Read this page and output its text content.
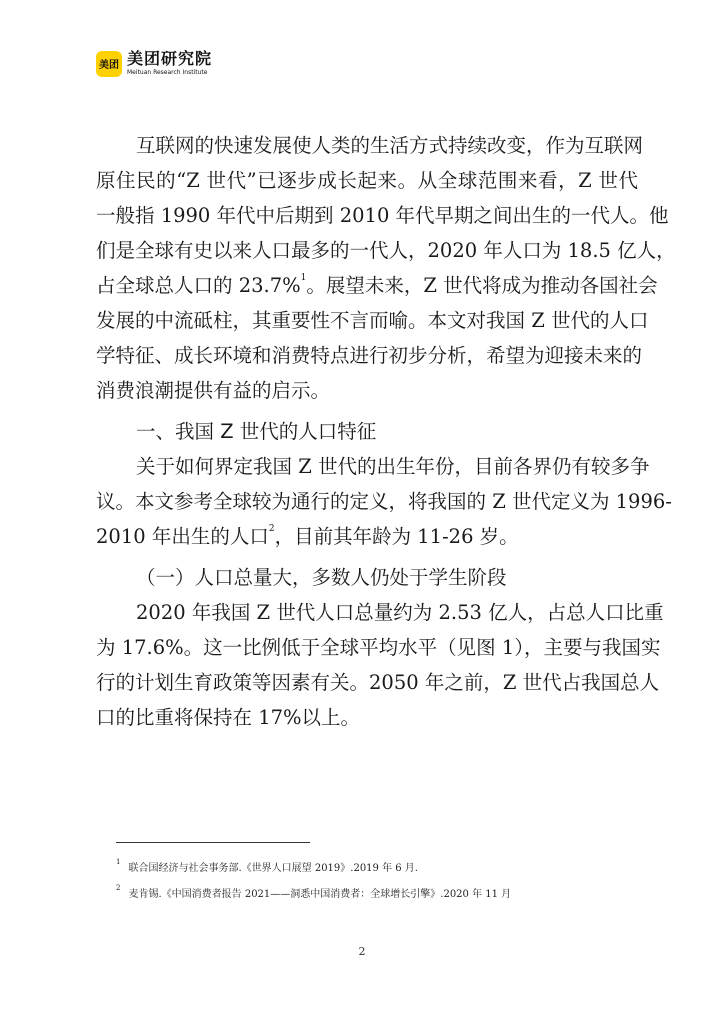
美团 美团研究院
Meituan Research Institute
互联网的快速发展使人类的生活方式持续改变，作为互联网
原住民的“Z 世代”已逐步成长起来。从全球范围来看，Z 世代
一般指 1990 年代中后期到 2010 年代早期之间出生的一代人。他
们是全球有史以来人口最多的一代人，2020 年人口为 18.5 亿人，
占全球总人口的 23.7%$^1$。展望未来，Z 世代将成为推动各国社会
发展的中流砥柱，其重要性不言而喻。本文对我国 Z 世代的人口
学特征、成长环境和消费特点进行初步分析，希望为迎接未来的
消费浪潮提供有益的启示。
一、我国 Z 世代的人口特征
关于如何界定我国 Z 世代的出生年份，目前各界仍有较多争
议。本文参考全球较为通行的定义，将我国的 Z 世代定义为 1996-
2010 年出生的人口$^2$，目前其年龄为 11-26 岁。
（一）人口总量大，多数人仍处于学生阶段
2020 年我国 Z 世代人口总量约为 2.53 亿人，占总人口比重
为 17.6%。这一比例低于全球平均水平（见图 1），主要与我国实
行的计划生育政策等因素有关。2050 年之前，Z 世代占我国总人
口的比重将保持在 17%以上。
$^1$联合国经济与社会事务部.《世界人口展望 2019》.2019 年 6 月.
$^2$麦肯锡.《中国消费者报告 2021——洞悉中国消费者：全球增长引擎》.2020 年 11 月
2
